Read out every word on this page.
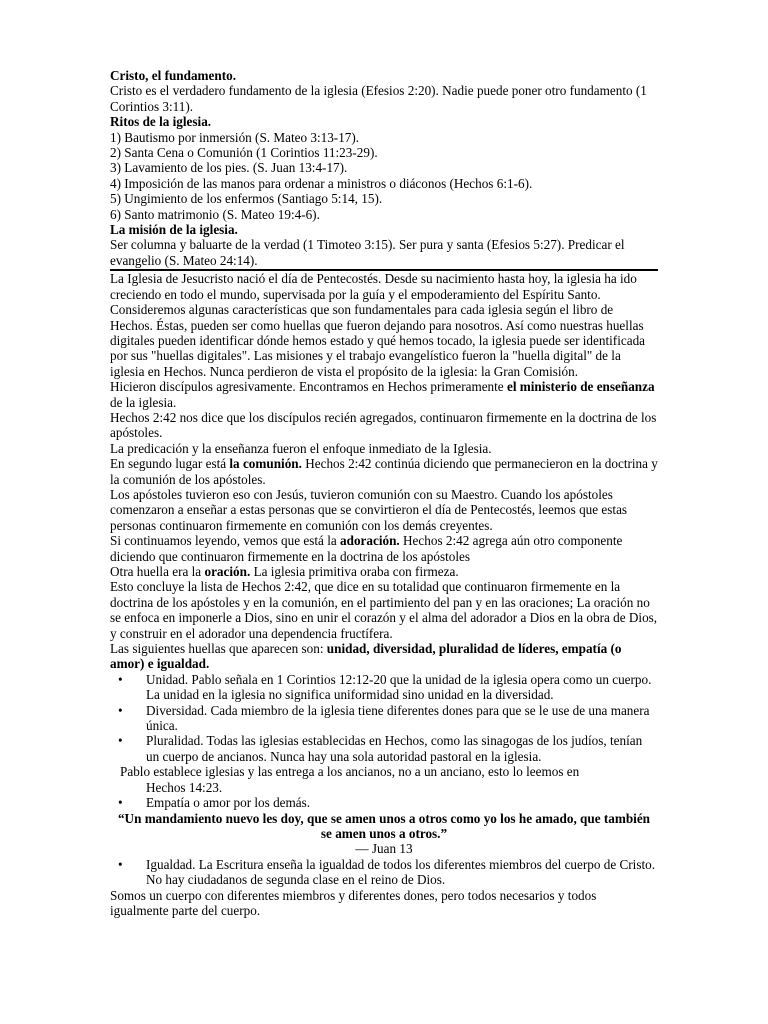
Cristo, el fundamento.

Cristo es el verdadero fundamento de la iglesia (Efesios 2:20). Nadie puede poner otro fundamento (1 Corintios 3:11).

Ritos de la iglesia.

1) Bautismo por inmersión (S. Mateo 3:13-17).

2) Santa Cena o Comunión (1 Corintios 11:23-29).

3) Lavamiento de los pies. (S. Juan 13:4-17).

4) Imposición de las manos para ordenar a ministros o diáconos (Hechos 6:1-6).

5) Ungimiento de los enfermos (Santiago 5:14, 15).

6) Santo matrimonio (S. Mateo 19:4-6).

La misión de la iglesia.

Ser columna y baluarte de la verdad (1 Timoteo 3:15). Ser pura y santa (Efesios 5:27). Predicar el evangelio (S. Mateo 24:14).

La Iglesia de Jesucristo nació el día de Pentecostés. Desde su nacimiento hasta hoy, la iglesia ha ido creciendo en todo el mundo, supervisada por la guía y el empoderamiento del Espíritu Santo. Consideremos algunas características que son fundamentales para cada iglesia según el libro de Hechos. Éstas, pueden ser como huellas que fueron dejando para nosotros. Así como nuestras huellas digitales pueden identificar dónde hemos estado y qué hemos tocado, la iglesia puede ser identificada por sus "huellas digitales". Las misiones y el trabajo evangelístico fueron la "huella digital" de la iglesia en Hechos. Nunca perdieron de vista el propósito de la iglesia: la Gran Comisión.

Hicieron discípulos agresivamente. Encontramos en Hechos primeramente el ministerio de enseñanza de la iglesia.

Hechos 2:42 nos dice que los discípulos recién agregados, continuaron firmemente en la doctrina de los apóstoles.

La predicación y la enseñanza fueron el enfoque inmediato de la Iglesia.

En segundo lugar está la comunión. Hechos 2:42 continúa diciendo que permanecieron en la doctrina y la comunión de los apóstoles.

Los apóstoles tuvieron eso con Jesús, tuvieron comunión con su Maestro. Cuando los apóstoles comenzaron a enseñar a estas personas que se convirtieron el día de Pentecostés, leemos que estas personas continuaron firmemente en comunión con los demás creyentes.

Si continuamos leyendo, vemos que está la adoración. Hechos 2:42 agrega aún otro componente diciendo que continuaron firmemente en la doctrina de los apóstoles

Otra huella era la oración. La iglesia primitiva oraba con firmeza.

Esto concluye la lista de Hechos 2:42, que dice en su totalidad que continuaron firmemente en la doctrina de los apóstoles y en la comunión, en el partimiento del pan y en las oraciones; La oración no se enfoca en imponerle a Dios, sino en unir el corazón y el alma del adorador a Dios en la obra de Dios, y construir en el adorador una dependencia fructífera.

Las siguientes huellas que aparecen son: unidad, diversidad, pluralidad de líderes, empatía (o amor) e igualdad.

• Unidad. Pablo señala en 1 Corintios 12:12-20 que la unidad de la iglesia opera como un cuerpo. La unidad en la iglesia no significa uniformidad sino unidad en la diversidad.
• Diversidad. Cada miembro de la iglesia tiene diferentes dones para que se le use de una manera única.
• Pluralidad. Todas las iglesias establecidas en Hechos, como las sinagogas de los judíos, tenían un cuerpo de ancianos. Nunca hay una sola autoridad pastoral en la iglesia.

Pablo establece iglesias y las entrega a los ancianos, no a un anciano, esto lo leemos en

Hechos 14:23.

• Empatía o amor por los demás.

“Un mandamiento nuevo les doy, que se amen unos a otros como yo los he amado, que también se amen unos a otros.”

— Juan 13

• Igualdad. La Escritura enseña la igualdad de todos los diferentes miembros del cuerpo de Cristo. No hay ciudadanos de segunda clase en el reino de Dios.

Somos un cuerpo con diferentes miembros y diferentes dones, pero todos necesarios y todos igualmente parte del cuerpo.
